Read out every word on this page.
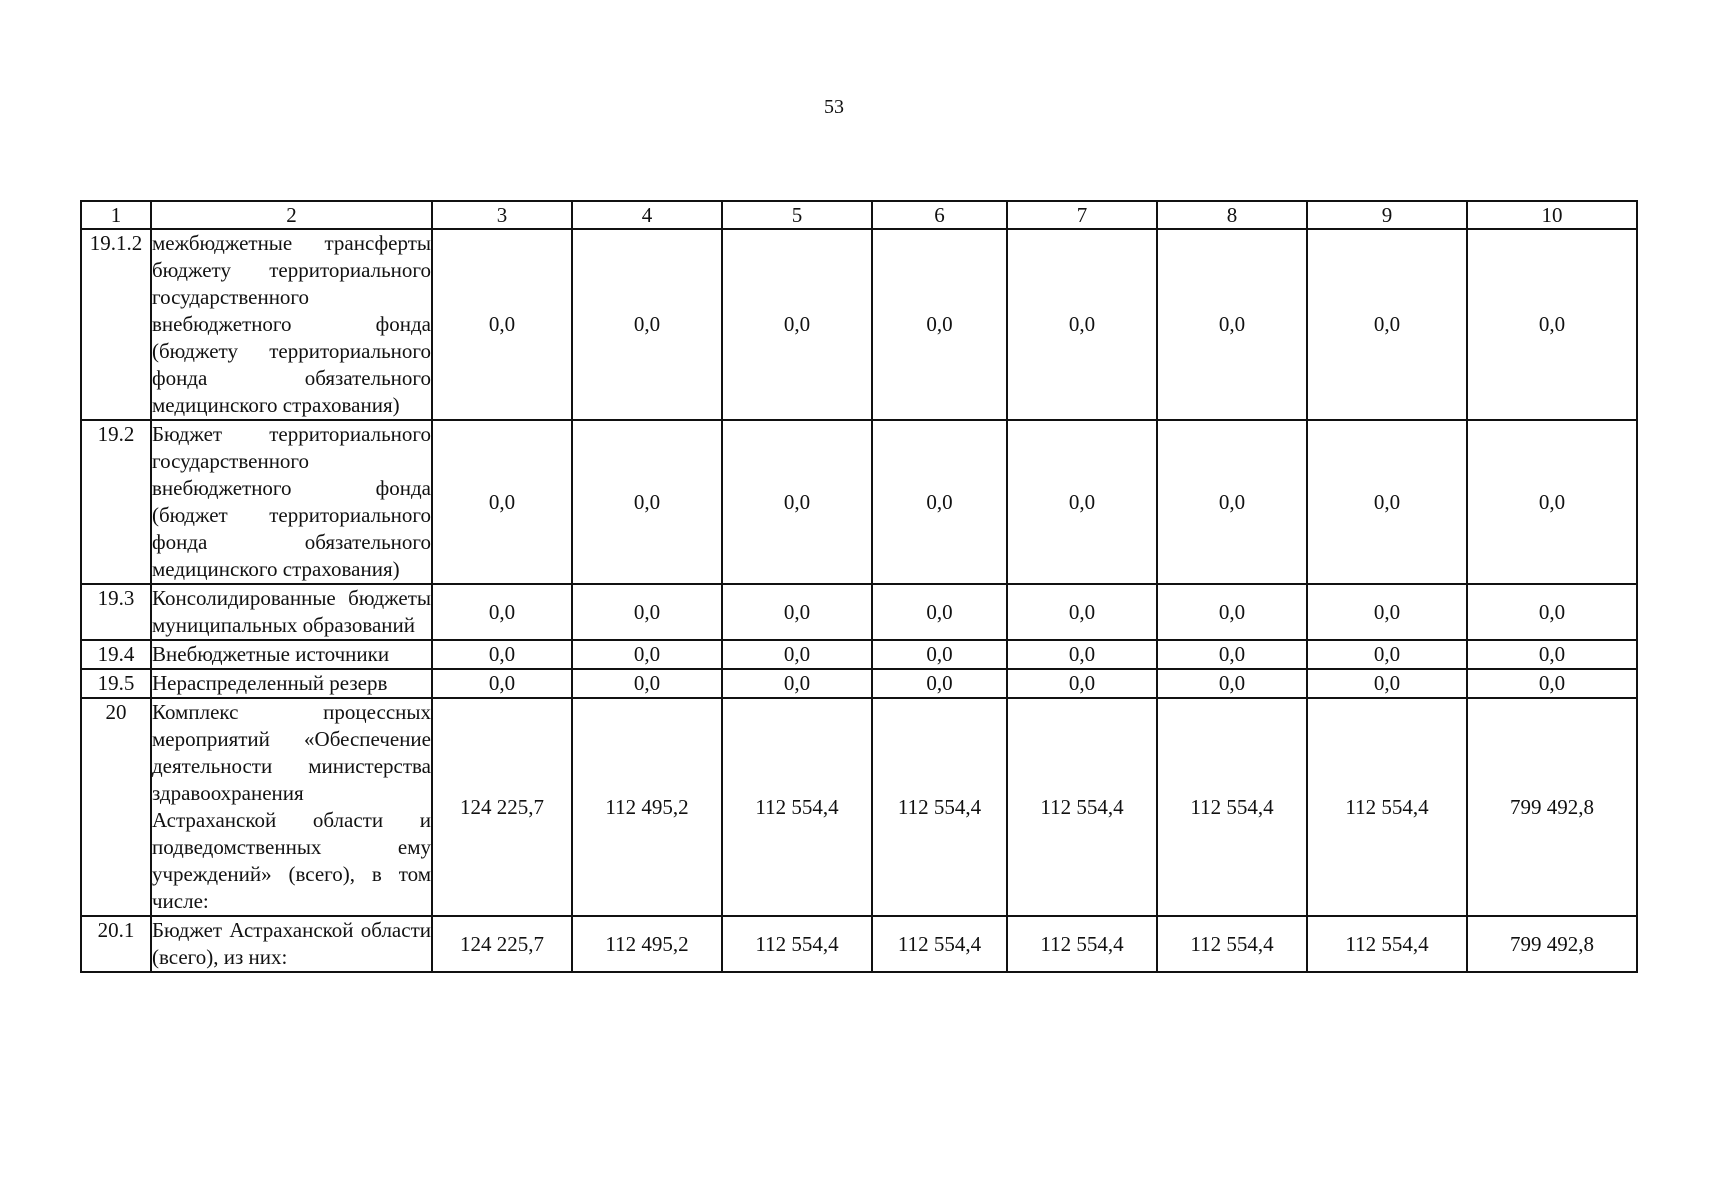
53
1	2	3	4	5	6	7	8	9	10
19.1.2	межбюджетные трансферты бюджету территориального государственного внебюджетного фонда (бюджету территориального фонда обязательного медицинского страхования)	0,0	0,0	0,0	0,0	0,0	0,0	0,0	0,0
19.2	Бюджет территориального государственного внебюджетного фонда (бюджет территориального фонда обязательного медицинского страхования)	0,0	0,0	0,0	0,0	0,0	0,0	0,0	0,0
19.3	Консолидированные бюджеты муниципальных образований	0,0	0,0	0,0	0,0	0,0	0,0	0,0	0,0
19.4	Внебюджетные источники	0,0	0,0	0,0	0,0	0,0	0,0	0,0	0,0
19.5	Нераспределенный резерв	0,0	0,0	0,0	0,0	0,0	0,0	0,0	0,0
20	Комплекс процессных мероприятий «Обеспечение деятельности министерства здравоохранения Астраханской области и подведомственных ему учреждений» (всего), в том числе:	124 225,7	112 495,2	112 554,4	112 554,4	112 554,4	112 554,4	112 554,4	799 492,8
20.1	Бюджет Астраханской области (всего), из них:	124 225,7	112 495,2	112 554,4	112 554,4	112 554,4	112 554,4	112 554,4	799 492,8
